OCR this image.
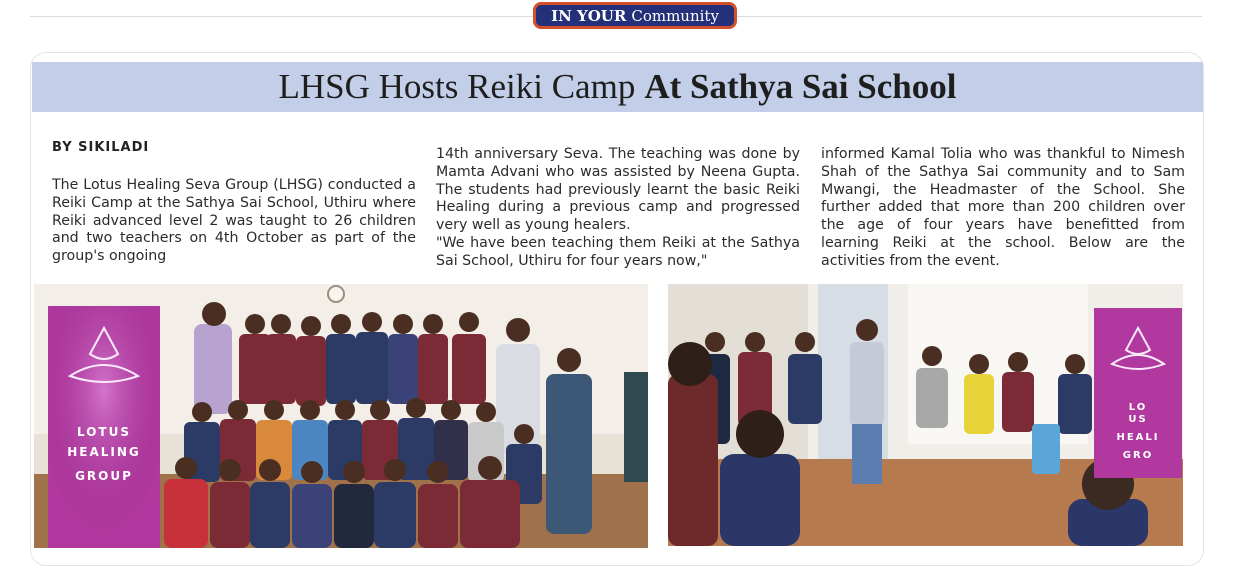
IN YOUR Community
LHSG Hosts Reiki Camp At Sathya Sai School
BY SIKILADI

The Lotus Healing Seva Group (LHSG) conducted a Reiki Camp at the Sathya Sai School, Uthiru where Reiki advanced level 2 was taught to 26 children and two teachers on 4th October as part of the group's ongoing

14th anniversary Seva. The teaching was done by Mamta Advani who was assisted by Neena Gupta. The students had previously learnt the basic Reiki Healing during a previous camp and progressed very well as young healers.

"We have been teaching them Reiki at the Sathya Sai School, Uthiru for four years now,"

informed Kamal Tolia who was thankful to Nimesh Shah of the Sathya Sai community and to Sam Mwangi, the Headmaster of the School. She further added that more than 200 children over the age of four years have benefitted from learning Reiki at the school. Below are the activities from the event.

LOTUS
HEALING
GROUP
LO
US
HEALI
GRO
